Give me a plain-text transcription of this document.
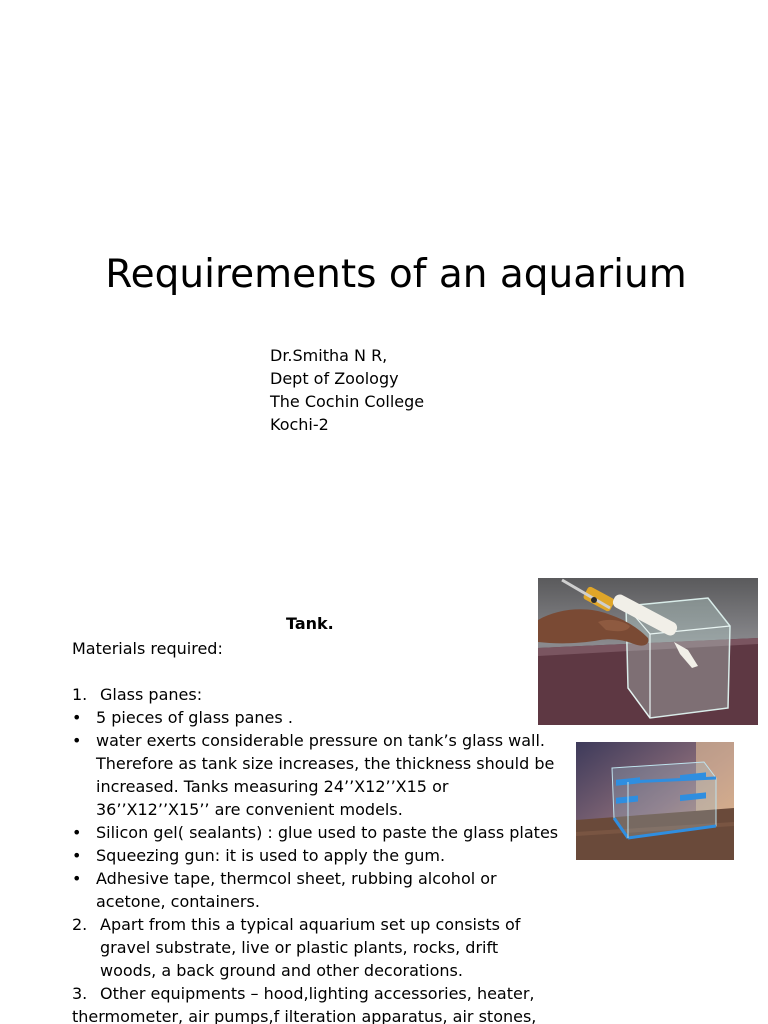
Requirements of an aquarium
Dr.Smitha N R,
Dept of Zoology
The Cochin College
Kochi-2
Tank.
Materials required:
1. Glass panes:
• 5 pieces of glass panes .
• water exerts considerable pressure on tank’s glass wall.
Therefore as tank size increases, the thickness should be
increased. Tanks measuring 24’’X12’’X15 or
36’’X12’’X15’’ are convenient models.
• Silicon gel( sealants) : glue used to paste the glass plates
• Squeezing gun: it is used to apply the gum.
• Adhesive tape, thermcol sheet, rubbing alcohol or
acetone, containers.
2. Apart from this a typical aquarium set up consists of
gravel substrate, live or plastic plants, rocks, drift
woods, a back ground and other decorations.
3. Other equipments – hood,lighting accessories, heater,
thermometer, air pumps,f ilteration apparatus, air stones,
